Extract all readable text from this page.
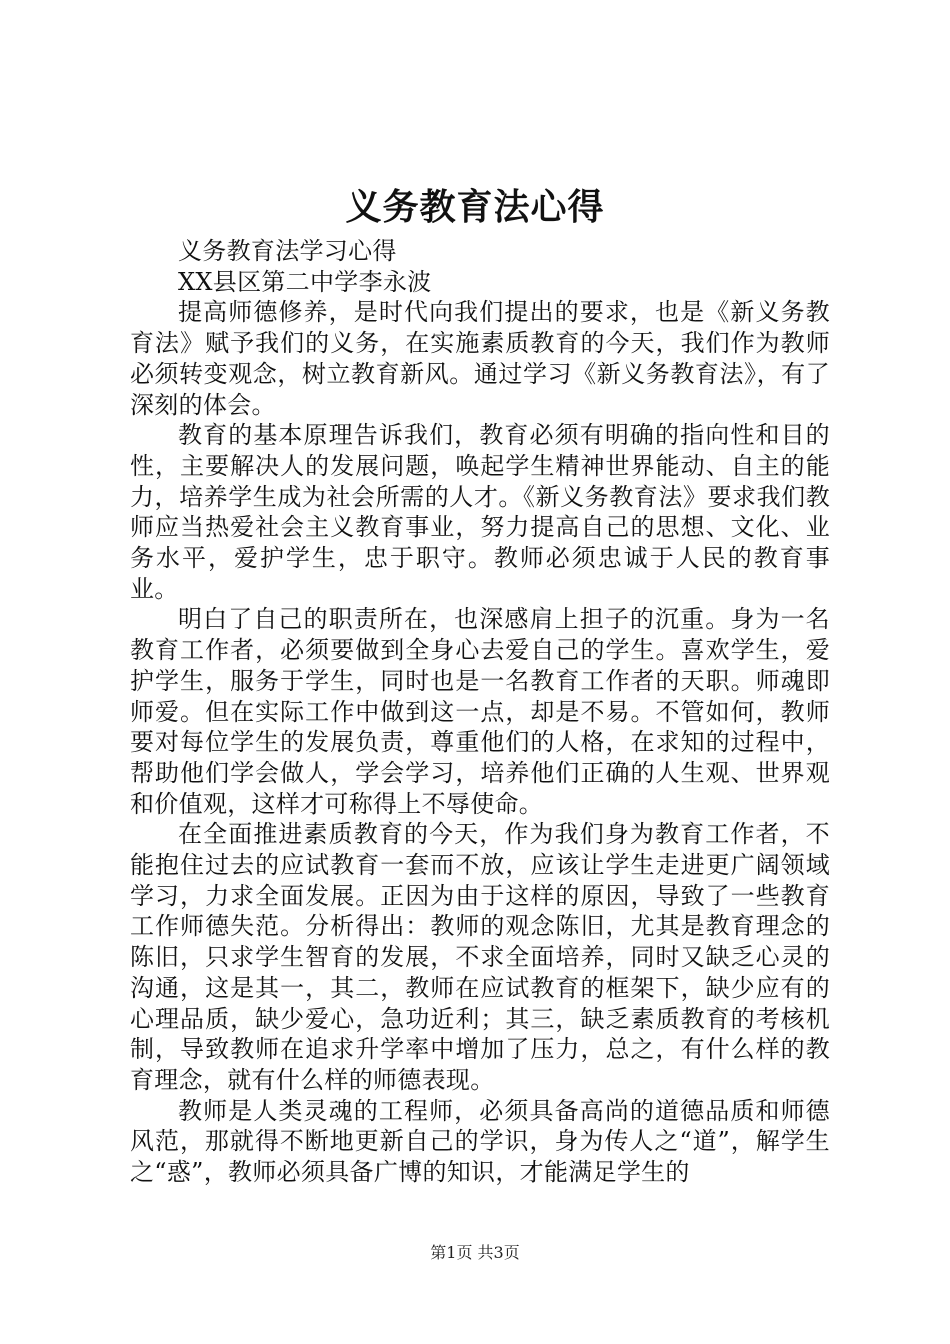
义务教育法心得

义务教育法学习心得

XX县区第二中学李永波

提高师德修养，是时代向我们提出的要求，也是《新义务教育法》赋予我们的义务，在实施素质教育的今天，我们作为教师必须转变观念，树立教育新风。通过学习《新义务教育法》，有了深刻的体会。

教育的基本原理告诉我们，教育必须有明确的指向性和目的性，主要解决人的发展问题，唤起学生精神世界能动、自主的能力，培养学生成为社会所需的人才。《新义务教育法》要求我们教师应当热爱社会主义教育事业，努力提高自己的思想、文化、业务水平，爱护学生，忠于职守。教师必须忠诚于人民的教育事业。

明白了自己的职责所在，也深感肩上担子的沉重。身为一名教育工作者，必须要做到全身心去爱自己的学生。喜欢学生，爱护学生，服务于学生，同时也是一名教育工作者的天职。师魂即师爱。但在实际工作中做到这一点，却是不易。不管如何，教师要对每位学生的发展负责，尊重他们的人格，在求知的过程中，帮助他们学会做人，学会学习，培养他们正确的人生观、世界观和价值观，这样才可称得上不辱使命。

在全面推进素质教育的今天，作为我们身为教育工作者，不能抱住过去的应试教育一套而不放，应该让学生走进更广阔领域学习，力求全面发展。正因为由于这样的原因，导致了一些教育工作师德失范。分析得出：教师的观念陈旧，尤其是教育理念的陈旧，只求学生智育的发展，不求全面培养，同时又缺乏心灵的沟通，这是其一，其二，教师在应试教育的框架下，缺少应有的心理品质，缺少爱心，急功近利；其三，缺乏素质教育的考核机制，导致教师在追求升学率中增加了压力，总之，有什么样的教育理念，就有什么样的师德表现。

教师是人类灵魂的工程师，必须具备高尚的道德品质和师德风范，那就得不断地更新自己的学识，身为传人之“道”，解学生之“惑”，教师必须具备广博的知识，才能满足学生的

第1页 共3页
